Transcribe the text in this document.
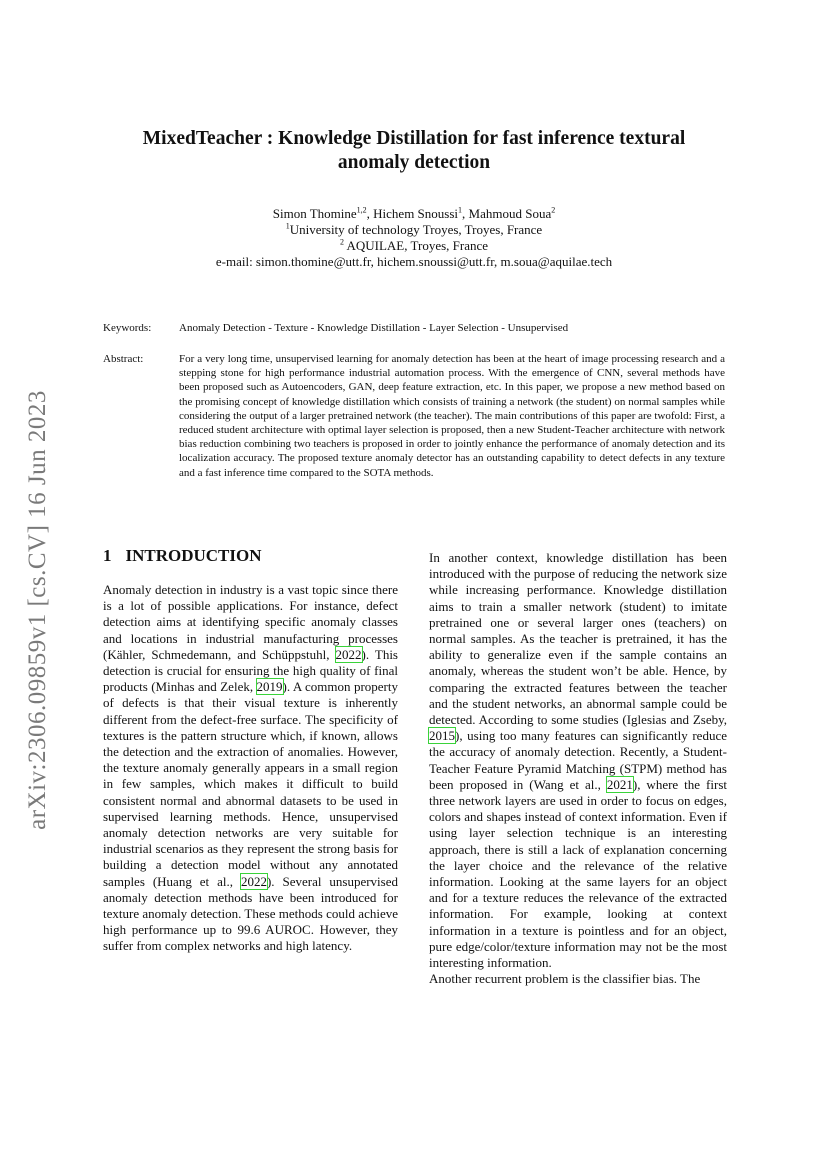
arXiv:2306.09859v1 [cs.CV] 16 Jun 2023
MixedTeacher : Knowledge Distillation for fast inference textural
anomaly detection
Simon Thomine$^{1,2}$, Hichem Snoussi$^1$, Mahmoud Soua$^2$
$^1$University of technology Troyes, Troyes, France
$^2$ AQUILAE, Troyes, France
e-mail: simon.thomine@utt.fr, hichem.snoussi@utt.fr, m.soua@aquilae.tech
Keywords:	Anomaly Detection - Texture - Knowledge Distillation - Layer Selection - Unsupervised
Abstract:	For a very long time, unsupervised learning for anomaly detection has been at the heart of image processing research and a stepping stone for high performance industrial automation process. With the emergence of CNN, several methods have been proposed such as Autoencoders, GAN, deep feature extraction, etc. In this paper, we propose a new method based on the promising concept of knowledge distillation which consists of training a network (the student) on normal samples while considering the output of a larger pretrained network (the teacher). The main contributions of this paper are twofold: First, a reduced student architecture with optimal layer selection is proposed, then a new Student-Teacher architecture with network bias reduction combining two teachers is proposed in order to jointly enhance the performance of anomaly detection and its localization accuracy. The proposed texture anomaly detector has an outstanding capability to detect defects in any texture and a fast inference time compared to the SOTA methods.
1 INTRODUCTION

Anomaly detection in industry is a vast topic since there is a lot of possible applications. For instance, defect detection aims at identifying specific anomaly classes and locations in industrial manufacturing processes (Kähler, Schmedemann, and Schüppstuhl, 2022). This detection is crucial for ensuring the high quality of final products (Minhas and Zelek, 2019). A common property of defects is that their visual texture is inherently different from the defect-free surface. The specificity of textures is the pattern structure which, if known, allows the detection and the extraction of anomalies. However, the texture anomaly generally appears in a small region in few samples, which makes it difficult to build consistent normal and abnormal datasets to be used in supervised learning methods. Hence, unsupervised anomaly detection networks are very suitable for industrial scenarios as they represent the strong basis for building a detection model without any annotated samples (Huang et al., 2022). Several unsupervised anomaly detection methods have been introduced for texture anomaly detection. These methods could achieve high performance up to 99.6 AUROC. However, they suffer from complex networks and high latency.

In another context, knowledge distillation has been introduced with the purpose of reducing the network size while increasing performance. Knowledge distillation aims to train a smaller network (student) to imitate pretrained one or several larger ones (teachers) on normal samples. As the teacher is pretrained, it has the ability to generalize even if the sample contains an anomaly, whereas the student won’t be able. Hence, by comparing the extracted features between the teacher and the student networks, an abnormal sample could be detected. According to some studies (Iglesias and Zseby, 2015), using too many features can significantly reduce the accuracy of anomaly detection. Recently, a Student-Teacher Feature Pyramid Matching (STPM) method has been proposed in (Wang et al., 2021), where the first three network layers are used in order to focus on edges, colors and shapes instead of context information. Even if using layer selection technique is an interesting approach, there is still a lack of explanation concerning the layer choice and the relevance of the relative information. Looking at the same layers for an object and for a texture reduces the relevance of the extracted information. For example, looking at context information in a texture is pointless and for an object, pure edge/color/texture information may not be the most interesting information.

Another recurrent problem is the classifier bias. The
